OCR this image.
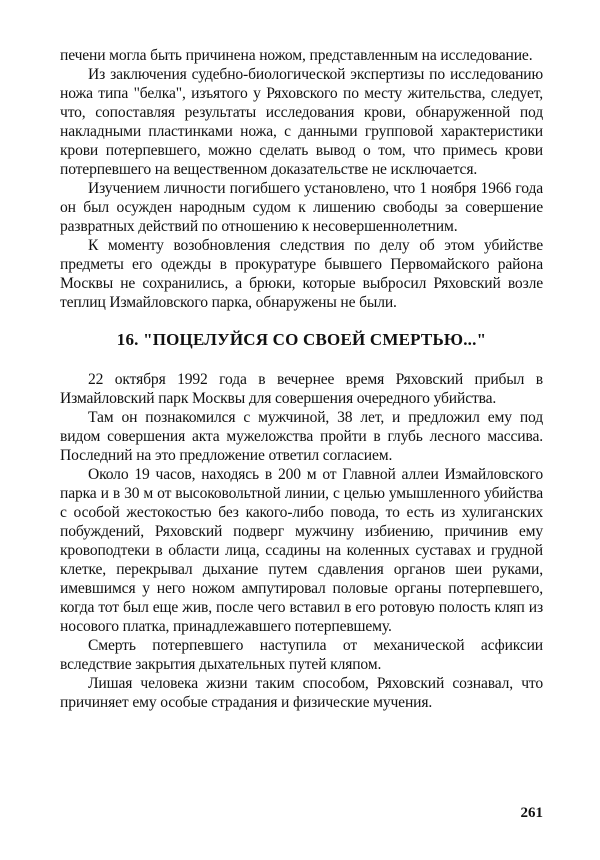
печени могла быть причинена ножом, представленным на исследование.

Из заключения судебно-биологической экспертизы по исследованию ножа типа "белка", изъятого у Ряховского по месту жительства, следует, что, сопоставляя результаты исследования крови, обнаруженной под накладными пластинками ножа, с данными групповой характеристики крови потерпевшего, можно сделать вывод о том, что примесь крови потерпевшего на вещественном доказательстве не исключается.

Изучением личности погибшего установлено, что 1 ноября 1966 года он был осужден народным судом к лишению свободы за совершение развратных действий по отношению к несовершеннолетним.

К моменту возобновления следствия по делу об этом убийстве предметы его одежды в прокуратуре бывшего Первомайского района Москвы не сохранились, а брюки, которые выбросил Ряховский возле теплиц Измайловского парка, обнаружены не были.

16. "ПОЦЕЛУЙСЯ СО СВОЕЙ СМЕРТЬЮ..."

22 октября 1992 года в вечернее время Ряховский прибыл в Измайловский парк Москвы для совершения очередного убийства.

Там он познакомился с мужчиной, 38 лет, и предложил ему под видом совершения акта мужеложства пройти в глубь лесного массива. Последний на это предложение ответил согласием.

Около 19 часов, находясь в 200 м от Главной аллеи Измайловского парка и в 30 м от высоковольтной линии, с целью умышленного убийства с особой жестокостью без какого-либо повода, то есть из хулиганских побуждений, Ряховский подверг мужчину избиению, причинив ему кровоподтеки в области лица, ссадины на коленных суставах и грудной клетке, перекрывал дыхание путем сдавления органов шеи руками, имевшимся у него ножом ампутировал половые органы потерпевшего, когда тот был еще жив, после чего вставил в его ротовую полость кляп из носового платка, принадлежавшего потерпевшему.

Смерть потерпевшего наступила от механической асфиксии вследствие закрытия дыхательных путей кляпом.

Лишая человека жизни таким способом, Ряховский сознавал, что причиняет ему особые страдания и физические мучения.

261
